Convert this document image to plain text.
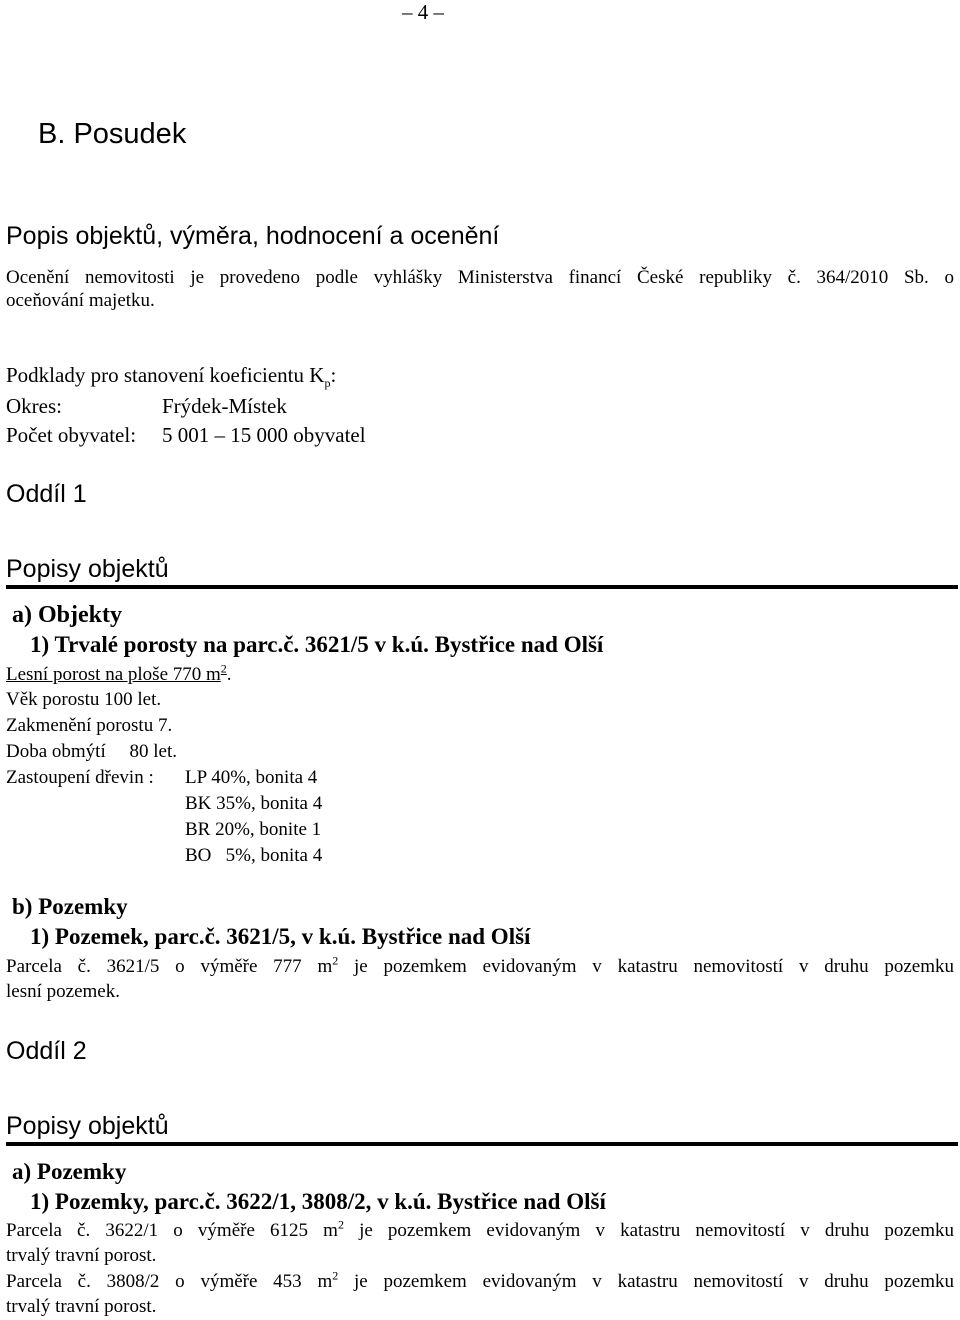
– 4 –
B. Posudek
Popis objektů, výměra, hodnocení a ocenění
Ocenění nemovitosti je provedeno podle vyhlášky Ministerstva financí České republiky č. 364/2010 Sb. o
oceňování majetku.
Podklady pro stanovení koeficientu $K_p$:
Okres:	Frýdek-Místek
Počet obyvatel: 5 001 – 15 000 obyvatel
Oddíl 1
Popisy objektů
a) Objekty
1) Trvalé porosty na parc.č. 3621/5 v k.ú. Bystřice nad Olší
Lesní porost na ploše 770 $m^2$.
Věk porostu 100 let.
Zakmenění porostu 7.
Doba obmýtí     80 let.
Zastoupení dřevin : LP 40%, bonita 4
BK 35%, bonita 4
BR 20%, bonite 1
BO   5%, bonita 4
b) Pozemky
1) Pozemek, parc.č. 3621/5, v k.ú. Bystřice nad Olší
Parcela č. 3621/5 o výměře 777 $m^2$ je pozemkem evidovaným v katastru nemovitostí v druhu pozemku
lesní pozemek.
Oddíl 2
Popisy objektů
a) Pozemky
1) Pozemky, parc.č. 3622/1, 3808/2, v k.ú. Bystřice nad Olší
Parcela č. 3622/1 o výměře 6125 $m^2$ je pozemkem evidovaným v katastru nemovitostí v druhu pozemku
trvalý travní porost.
Parcela č. 3808/2 o výměře 453 $m^2$ je pozemkem evidovaným v katastru nemovitostí v druhu pozemku
trvalý travní porost.
